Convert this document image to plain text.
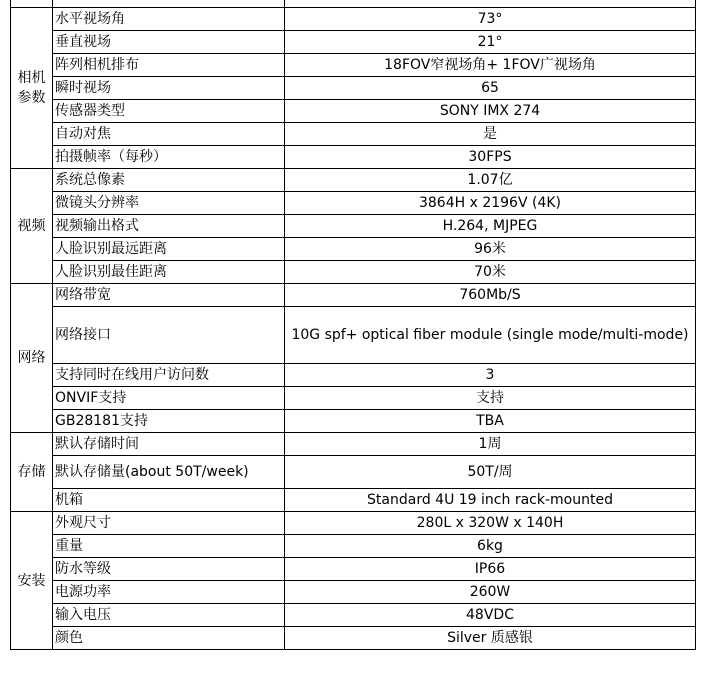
相机参数	水平视场角	73°
	垂直视场	21°
	阵列相机排布	18FOV窄视场角+ 1FOV广视场角
	瞬时视场	65
	传感器类型	SONY IMX 274
	自动对焦	是
	拍摄帧率（每秒）	30FPS
视频	系统总像素	1.07亿
	微镜头分辨率	3864H x 2196V (4K)
	视频输出格式	H.264, MJPEG
	人脸识别最远距离	96米
	人脸识别最佳距离	70米
网络	网络带宽	760Mb/S
	网络接口	10G spf+ optical fiber module (single mode/multi-mode)
	支持同时在线用户访问数	3
	ONVIF支持	支持
	GB28181支持	TBA
存储	默认存储时间	1周
	默认存储量(about 50T/week)	50T/周
	机箱	Standard 4U 19 inch rack-mounted
安装	外观尺寸	280L x 320W x 140H
	重量	6kg
	防水等级	IP66
	电源功率	260W
	输入电压	48VDC
	颜色	Silver 质感银
